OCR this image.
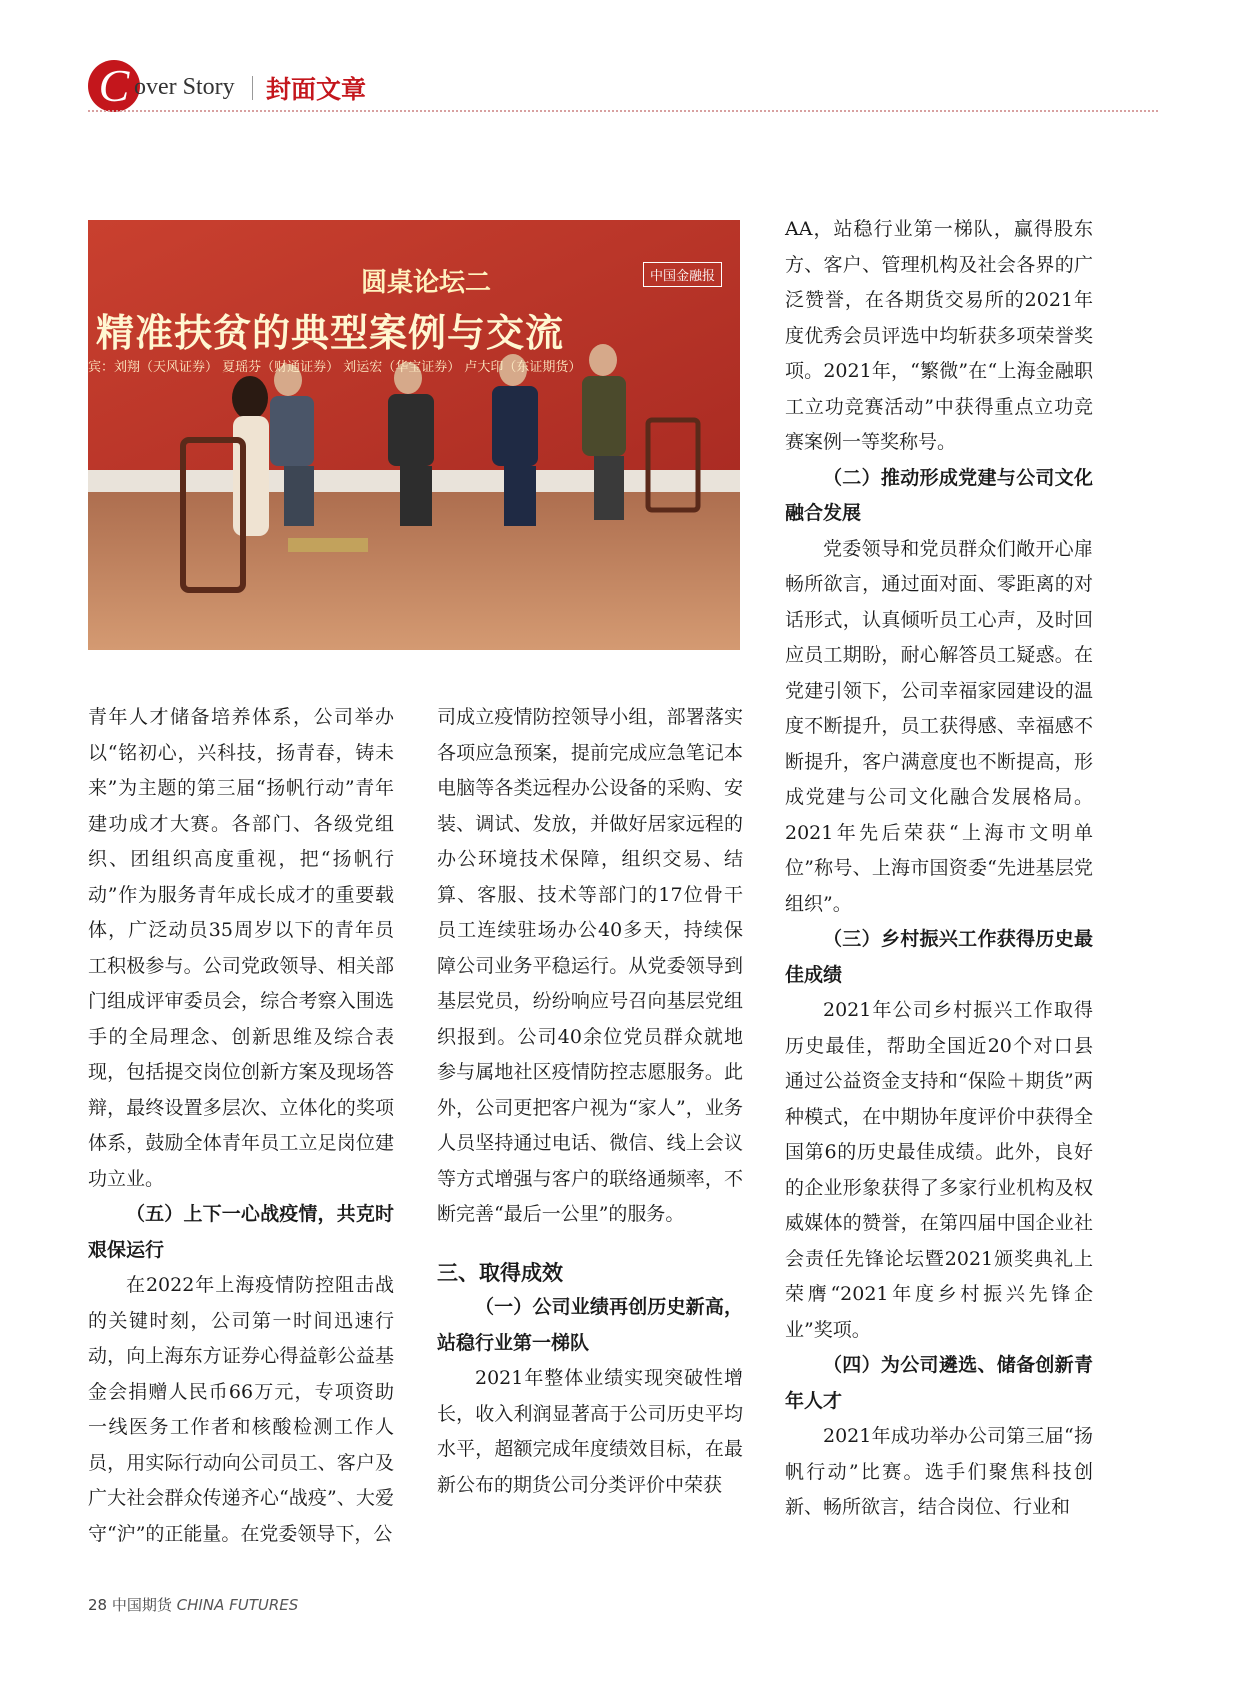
C over Story 封面文章
圆桌论坛二
精准扶贫的典型案例与交流
宾：刘翔（天风证券） 夏瑶芬（财通证券） 刘运宏（华宝证券） 卢大印（东证期货）
中国金融报

青年人才储备培养体系，公司举办以“铭初心，兴科技，扬青春，铸未来”为主题的第三届“扬帆行动”青年建功成才大赛。各部门、各级党组织、团组织高度重视，把“扬帆行动”作为服务青年成长成才的重要载体，广泛动员35周岁以下的青年员工积极参与。公司党政领导、相关部门组成评审委员会，综合考察入围选手的全局理念、创新思维及综合表现，包括提交岗位创新方案及现场答辩，最终设置多层次、立体化的奖项体系，鼓励全体青年员工立足岗位建功立业。

（五）上下一心战疫情，共克时艰保运行

在2022年上海疫情防控阻击战的关键时刻，公司第一时间迅速行动，向上海东方证券心得益彰公益基金会捐赠人民币66万元，专项资助一线医务工作者和核酸检测工作人员，用实际行动向公司员工、客户及广大社会群众传递齐心“战疫”、大爱守“沪”的正能量。在党委领导下，公

司成立疫情防控领导小组，部署落实各项应急预案，提前完成应急笔记本电脑等各类远程办公设备的采购、安装、调试、发放，并做好居家远程的办公环境技术保障，组织交易、结算、客服、技术等部门的17位骨干员工连续驻场办公40多天，持续保障公司业务平稳运行。从党委领导到基层党员，纷纷响应号召向基层党组织报到。公司40余位党员群众就地参与属地社区疫情防控志愿服务。此外，公司更把客户视为“家人”，业务人员坚持通过电话、微信、线上会议等方式增强与客户的联络通频率，不断完善“最后一公里”的服务。

三、取得成效

（一）公司业绩再创历史新高，站稳行业第一梯队

2021年整体业绩实现突破性增长，收入利润显著高于公司历史平均水平，超额完成年度绩效目标，在最新公布的期货公司分类评价中荣获

AA，站稳行业第一梯队，赢得股东方、客户、管理机构及社会各界的广泛赞誉，在各期货交易所的2021年度优秀会员评选中均斩获多项荣誉奖项。2021年，“繁微”在“上海金融职工立功竞赛活动”中获得重点立功竞赛案例一等奖称号。

（二）推动形成党建与公司文化融合发展

党委领导和党员群众们敞开心扉畅所欲言，通过面对面、零距离的对话形式，认真倾听员工心声，及时回应员工期盼，耐心解答员工疑惑。在党建引领下，公司幸福家园建设的温度不断提升，员工获得感、幸福感不断提升，客户满意度也不断提高，形成党建与公司文化融合发展格局。2021年先后荣获“上海市文明单位”称号、上海市国资委“先进基层党组织”。

（三）乡村振兴工作获得历史最佳成绩

2021年公司乡村振兴工作取得历史最佳，帮助全国近20个对口县通过公益资金支持和“保险＋期货”两种模式，在中期协年度评价中获得全国第6的历史最佳成绩。此外，良好的企业形象获得了多家行业机构及权威媒体的赞誉，在第四届中国企业社会责任先锋论坛暨2021颁奖典礼上荣膺“2021年度乡村振兴先锋企业”奖项。

（四）为公司遴选、储备创新青年人才

2021年成功举办公司第三届“扬帆行动”比赛。选手们聚焦科技创新、畅所欲言，结合岗位、行业和

28 中国期货 CHINA FUTURES
